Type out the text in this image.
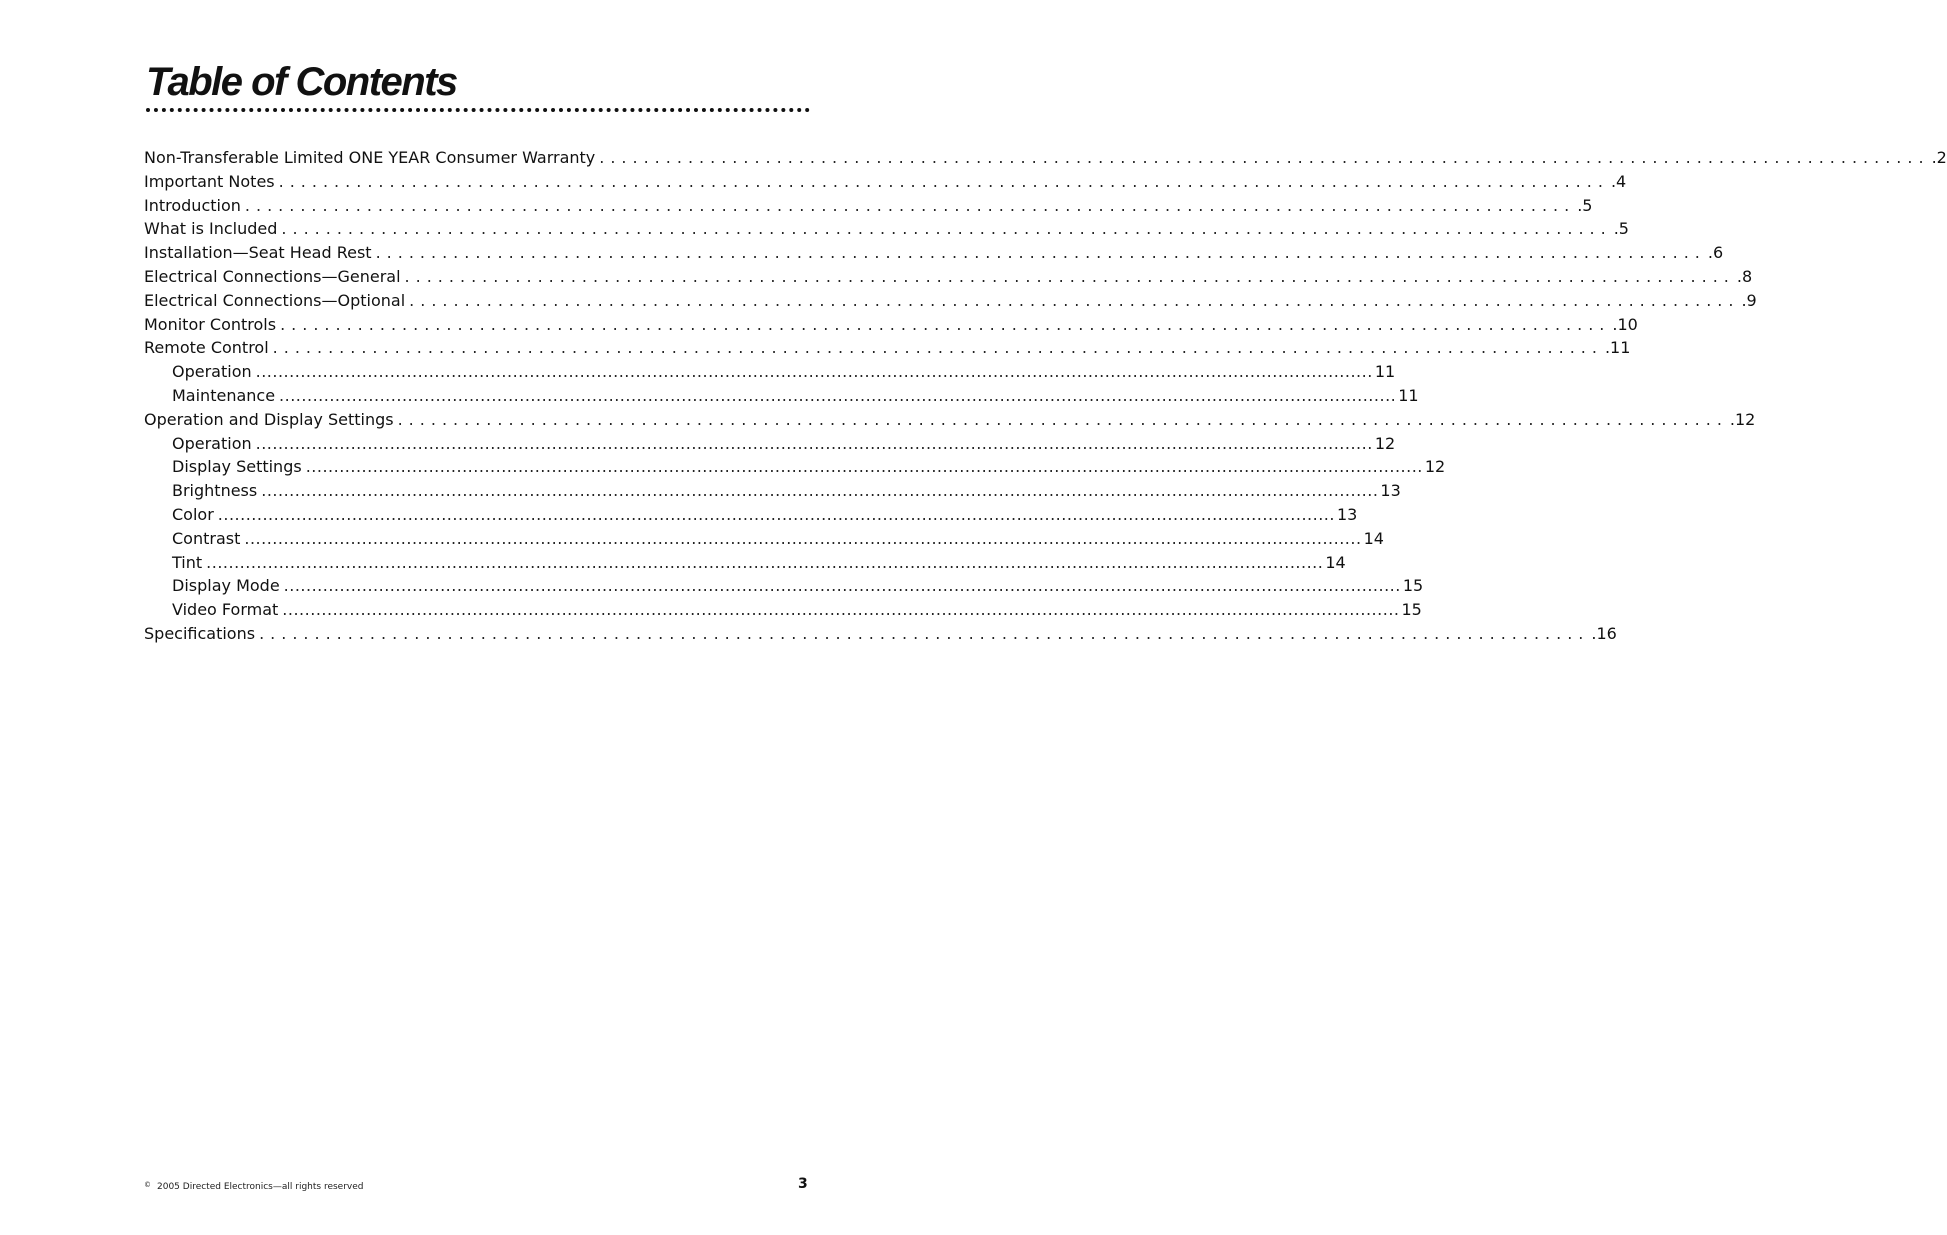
Table of Contents
Non-Transferable Limited ONE YEAR Consumer Warranty ........................................................................................................................ .2
Important Notes ........................................................................................................................ .4
Introduction ........................................................................................................................ .5
What is Included ........................................................................................................................ .5
Installation—Seat Head Rest ........................................................................................................................ .6
Electrical Connections—General ........................................................................................................................ .8
Electrical Connections—Optional ........................................................................................................................ .9
Monitor Controls ........................................................................................................................ .10
Remote Control ........................................................................................................................ .11
Operation ........................................................................................................................................................................................................ 11
Maintenance ........................................................................................................................................................................................................ 11
Operation and Display Settings ........................................................................................................................ .12
Operation ........................................................................................................................................................................................................ 12
Display Settings ........................................................................................................................................................................................................ 12
Brightness ........................................................................................................................................................................................................ 13
Color ........................................................................................................................................................................................................ 13
Contrast ........................................................................................................................................................................................................ 14
Tint ........................................................................................................................................................................................................ 14
Display Mode ........................................................................................................................................................................................................ 15
Video Format ........................................................................................................................................................................................................ 15
Specifications ........................................................................................................................ .16
© 2005 Directed Electronics—all rights reserved	3
